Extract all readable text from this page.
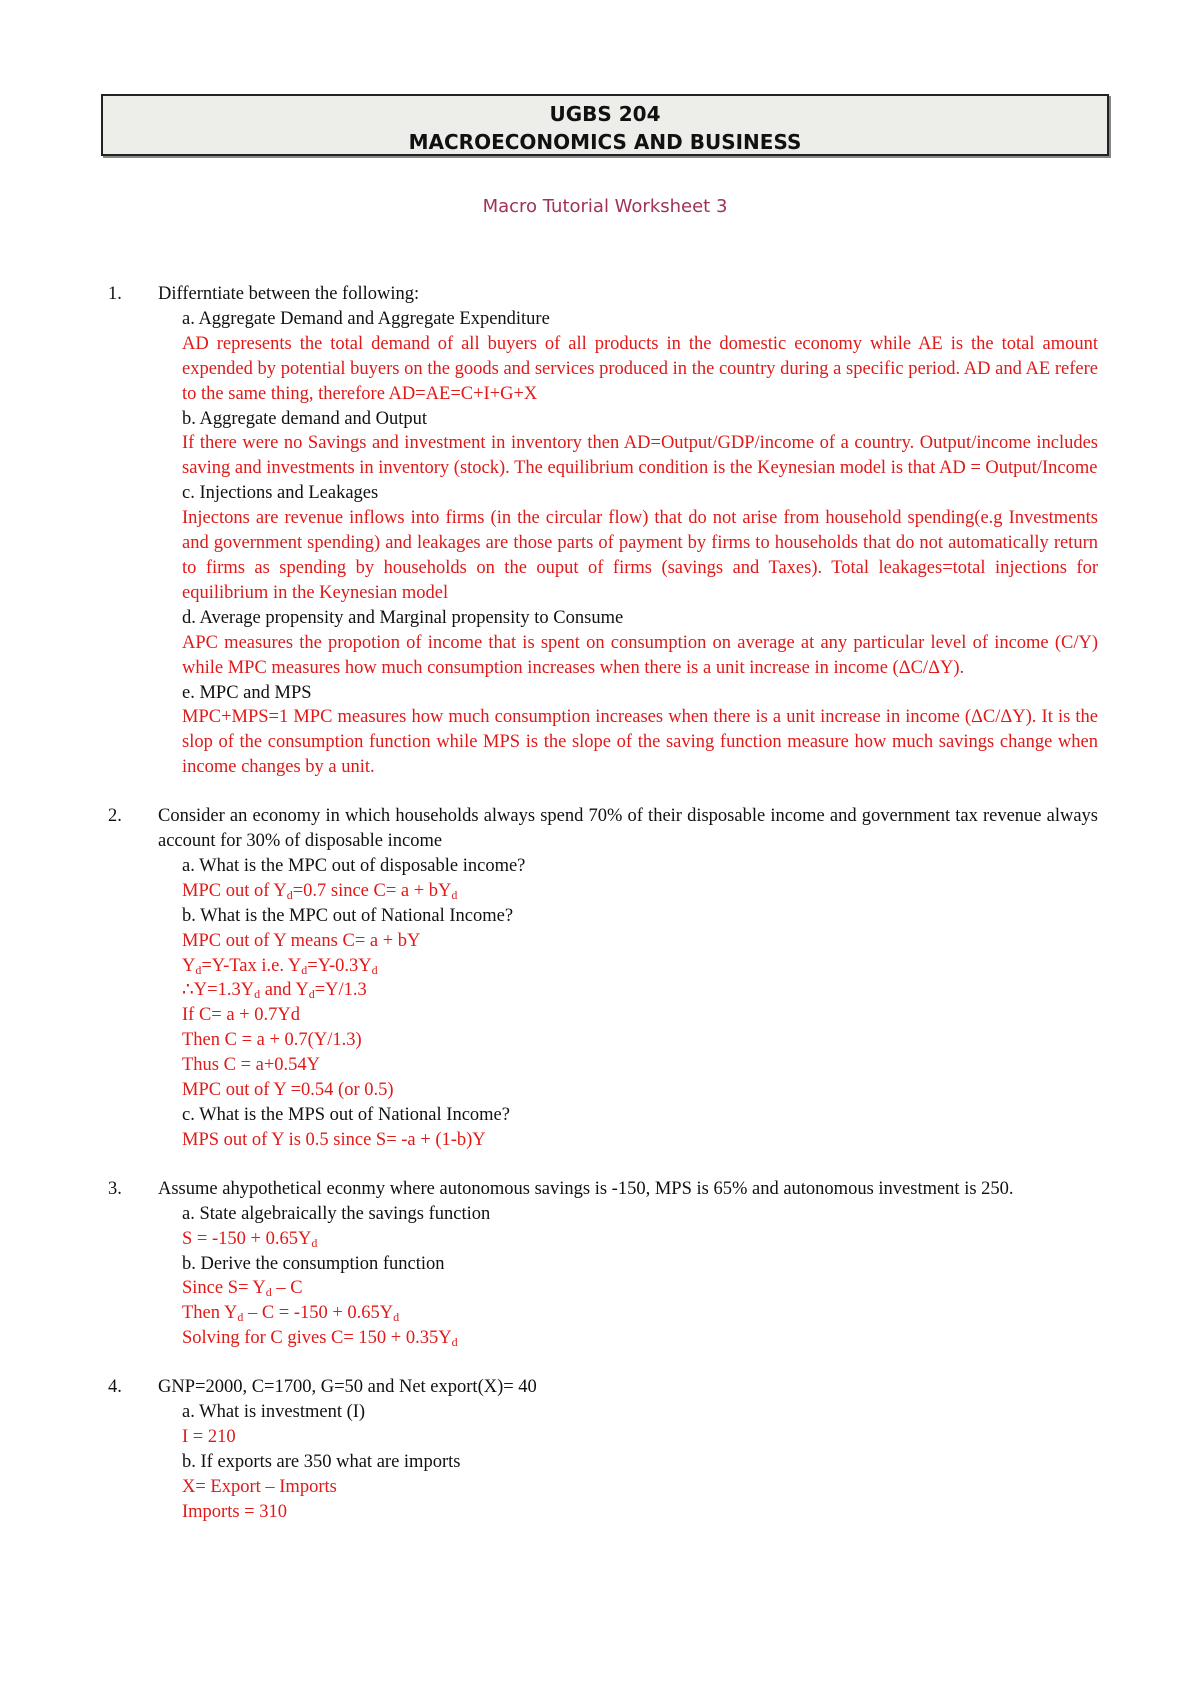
UGBS 204
MACROECONOMICS AND BUSINESS
Macro Tutorial Worksheet 3
1. Differntiate between the following:
a. Aggregate Demand and Aggregate Expenditure
AD represents the total demand of all buyers of all products in the domestic economy while AE is the total amount expended by potential buyers on the goods and services produced in the country during a specific period. AD and AE refere to the same thing, therefore AD=AE=C+I+G+X
b. Aggregate demand and Output
If there were no Savings and investment in inventory then AD=Output/GDP/income of a country. Output/income includes saving and investments in inventory (stock). The equilibrium condition is the Keynesian model is that AD = Output/Income
c. Injections and Leakages
Injectons are revenue inflows into firms (in the circular flow) that do not arise from household spending(e.g Investments and government spending) and leakages are those parts of payment by firms to households that do not automatically return to firms as spending by households on the ouput of firms (savings and Taxes). Total leakages=total injections for equilibrium in the Keynesian model
d. Average propensity and Marginal propensity to Consume
APC measures the propotion of income that is spent on consumption on average at any particular level of income (C/Y) while MPC measures how much consumption increases when there is a unit increase in income (ΔC/ΔY).
e. MPC and MPS
MPC+MPS=1 MPC measures how much consumption increases when there is a unit increase in income (ΔC/ΔY). It is the slop of the consumption function while MPS is the slope of the saving function measure how much savings change when income changes by a unit.
2. Consider an economy in which households always spend 70% of their disposable income and government tax revenue always account for 30% of disposable income
a. What is the MPC out of disposable income?
MPC out of $Y_d=0.7$ since $C= a + bY_d$
b. What is the MPC out of National Income?
MPC out of Y means C= a + bY
$Y_d=Y$-Tax i.e. $Y_d=Y-0.3Y_d$
$\therefore Y=1.3Y_d$ and $Y_d=Y/1.3$
If C= a + 0.7Yd
Then C = a + 0.7(Y/1.3)
Thus C = a+0.54Y
MPC out of Y =0.54 (or 0.5)
c. What is the MPS out of National Income?
MPS out of Y is 0.5 since S= -a + (1-b)Y
3. Assume ahypothetical econmy where autonomous savings is -150, MPS is 65% and autonomous investment is 250.
a. State algebraically the savings function
$S = -150 + 0.65Y_d$
b. Derive the consumption function
Since $S= Y_d - C$
Then $Y_d - C = -150 + 0.65Y_d$
Solving for C gives $C= 150 + 0.35Y_d$
4. GNP=2000, C=1700, G=50 and Net export(X)= 40
a. What is investment (I)
I = 210
b. If exports are 350 what are imports
X= Export – Imports
Imports = 310
